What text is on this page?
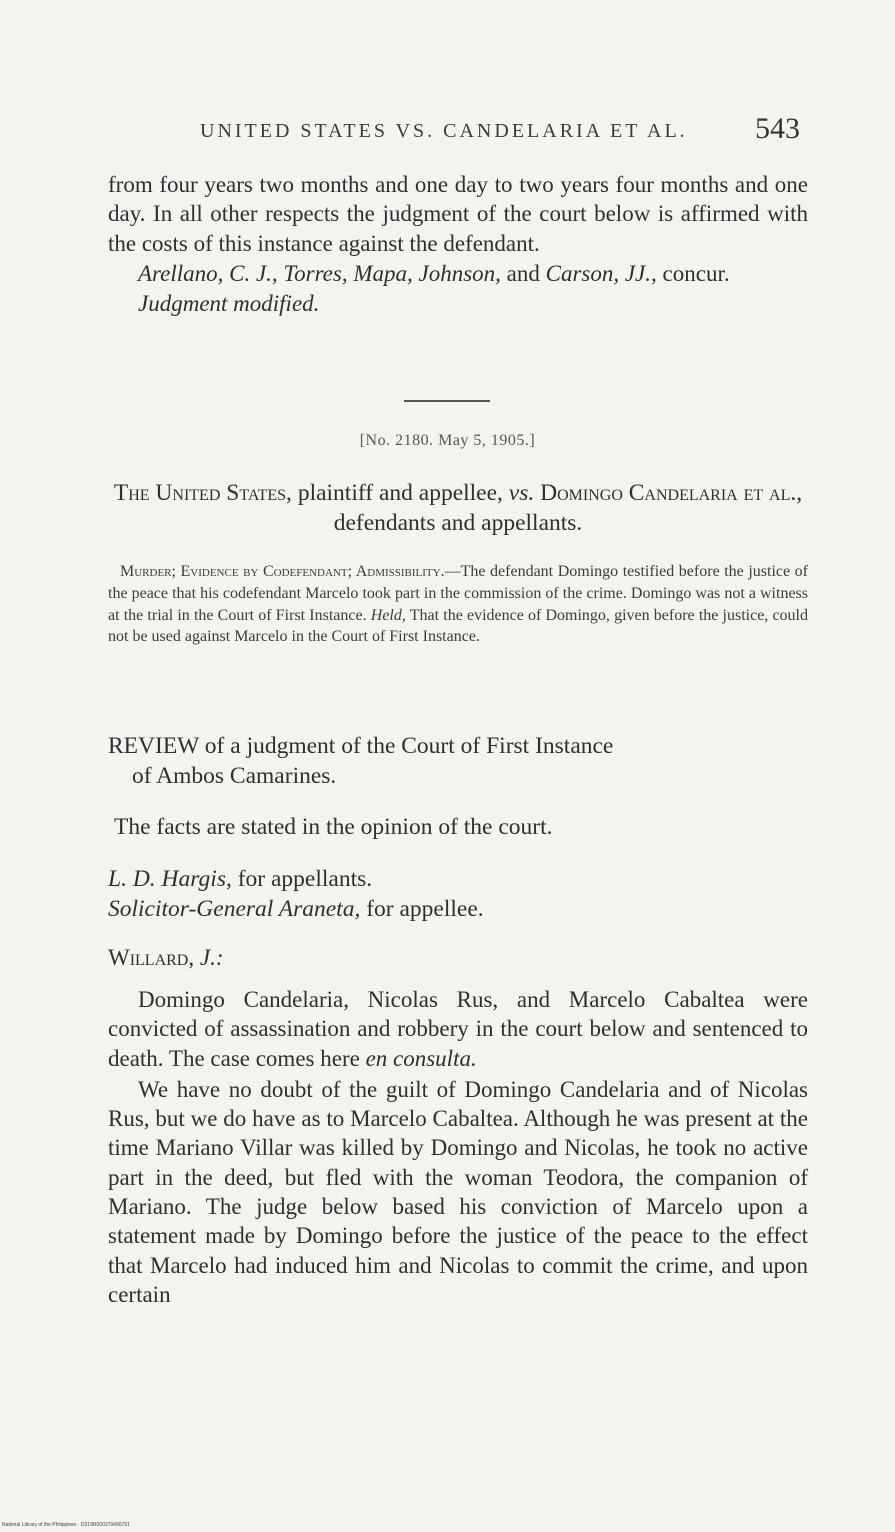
UNITED STATES VS. CANDELARIA ET AL. 543

from four years two months and one day to two years four months and one day. In all other respects the judgment of the court below is affirmed with the costs of this instance against the defendant.

Arellano, C. J., Torres, Mapa, Johnson, and Carson, JJ., concur.

Judgment modified.

[No. 2180. May 5, 1905.]
The United States, plaintiff and appellee, vs. Domingo Candelaria et al., defendants and appellants.
Murder; Evidence by Codefendant; Admissibility.—The defendant Domingo testified before the justice of the peace that his codefendant Marcelo took part in the commission of the crime. Domingo was not a witness at the trial in the Court of First Instance. Held, That the evidence of Domingo, given before the justice, could not be used against Marcelo in the Court of First Instance.
REVIEW of a judgment of the Court of First Instance
of Ambos Camarines.
The facts are stated in the opinion of the court.
L. D. Hargis, for appellants.
Solicitor-General Araneta, for appellee.
Willard, J.:

Domingo Candelaria, Nicolas Rus, and Marcelo Cabaltea were convicted of assassination and robbery in the court below and sentenced to death. The case comes here en consulta.

We have no doubt of the guilt of Domingo Candelaria and of Nicolas Rus, but we do have as to Marcelo Cabaltea. Although he was present at the time Mariano Villar was killed by Domingo and Nicolas, he took no active part in the deed, but fled with the woman Teodora, the companion of Mariano. The judge below based his conviction of Marcelo upon a statement made by Domingo before the justice of the peace to the effect that Marcelo had induced him and Nicolas to commit the crime, and upon certain

National Library of the Philippines · D319R000279490791
